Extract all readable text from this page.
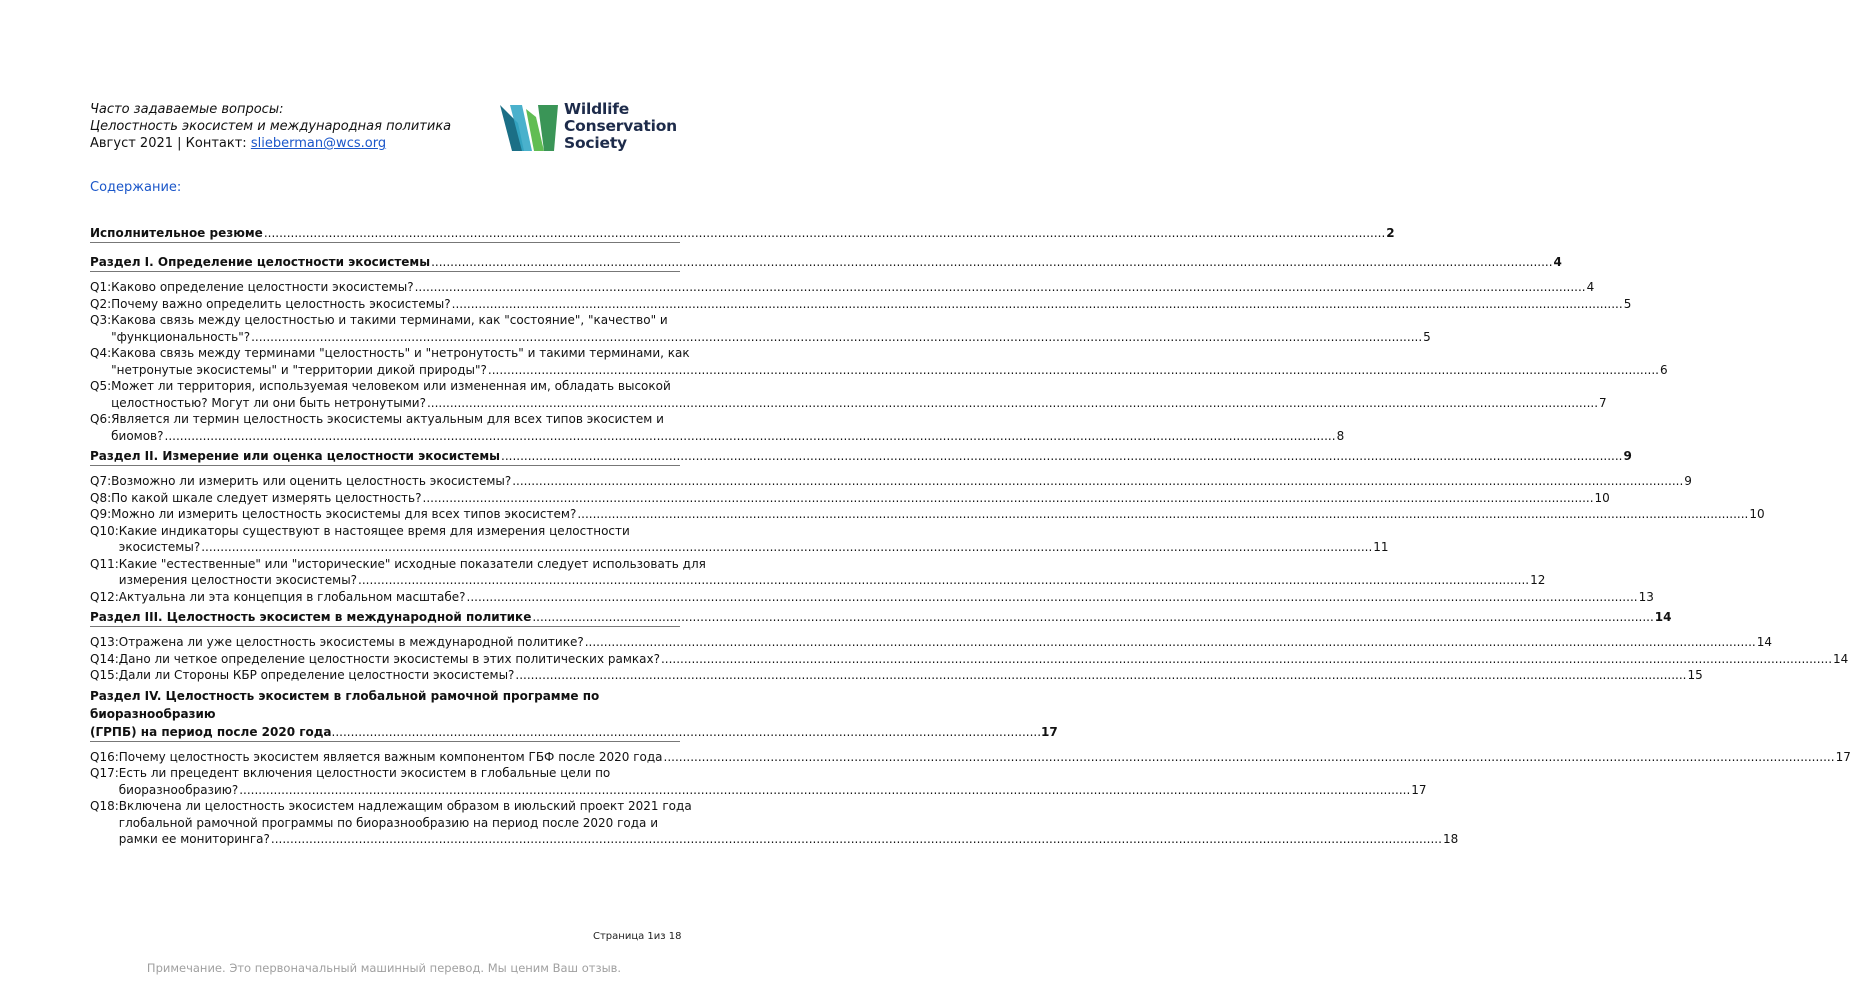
Часто задаваемые вопросы:
Целостность экосистем и международная политика
Август 2021 | Контакт: slieberman@wcs.org
Wildlife
Conservation
Society
Содержание:
Исполнительное резюме .....	2
Раздел I. Определение целостности экосистемы .....	4
Q1: Каково определение целостности экосистемы? .....	4
Q2: Почему важно определить целостность экосистемы? .....	5
Q3: Какова связь между целостностью и такими терминами, как "состояние", "качество" и
"функциональность"? .....	5
Q4: Какова связь между терминами "целостность" и "нетронутость" и такими терминами, как
"нетронутые экосистемы" и "территории дикой природы"? .....	6
Q5: Может ли территория, используемая человеком или измененная им, обладать высокой
целостностью? Могут ли они быть нетронутыми? .....	7
Q6: Является ли термин целостность экосистемы актуальным для всех типов экосистем и
биомов? .....	8
Раздел II. Измерение или оценка целостности экосистемы .....	9
Q7: Возможно ли измерить или оценить целостность экосистемы? .....	9
Q8: По какой шкале следует измерять целостность? .....	10
Q9: Можно ли измерить целостность экосистемы для всех типов экосистем? .....	10
Q10: Какие индикаторы существуют в настоящее время для измерения целостности
экосистемы? .....	11
Q11: Какие "естественные" или "исторические" исходные показатели следует использовать для
измерения целостности экосистемы? .....	12
Q12: Актуальна ли эта концепция в глобальном масштабе? .....	13
Раздел III. Целостность экосистем в международной политике .....	14
Q13: Отражена ли уже целостность экосистемы в международной политике? .....	14
Q14: Дано ли четкое определение целостности экосистемы в этих политических рамках? .....	14
Q15: Дали ли Стороны КБР определение целостности экосистемы? .....	15
Раздел IV. Целостность экосистем в глобальной рамочной программе по биоразнообразию
(ГРПБ) на период после 2020 года .......................................................................................................................................................................................... 17
Q16: Почему целостность экосистем является важным компонентом ГБФ после 2020 года .....	17
Q17: Есть ли прецедент включения целостности экосистем в глобальные цели по
биоразнообразию? .....	17
Q18: Включена ли целостность экосистем надлежащим образом в июльский проект 2021 года
глобальной рамочной программы по биоразнообразию на период после 2020 года и
рамки ее мониторинга? .....	18
Страница 1из 18
Примечание. Это первоначальный машинный перевод. Мы ценим Ваш отзыв.
